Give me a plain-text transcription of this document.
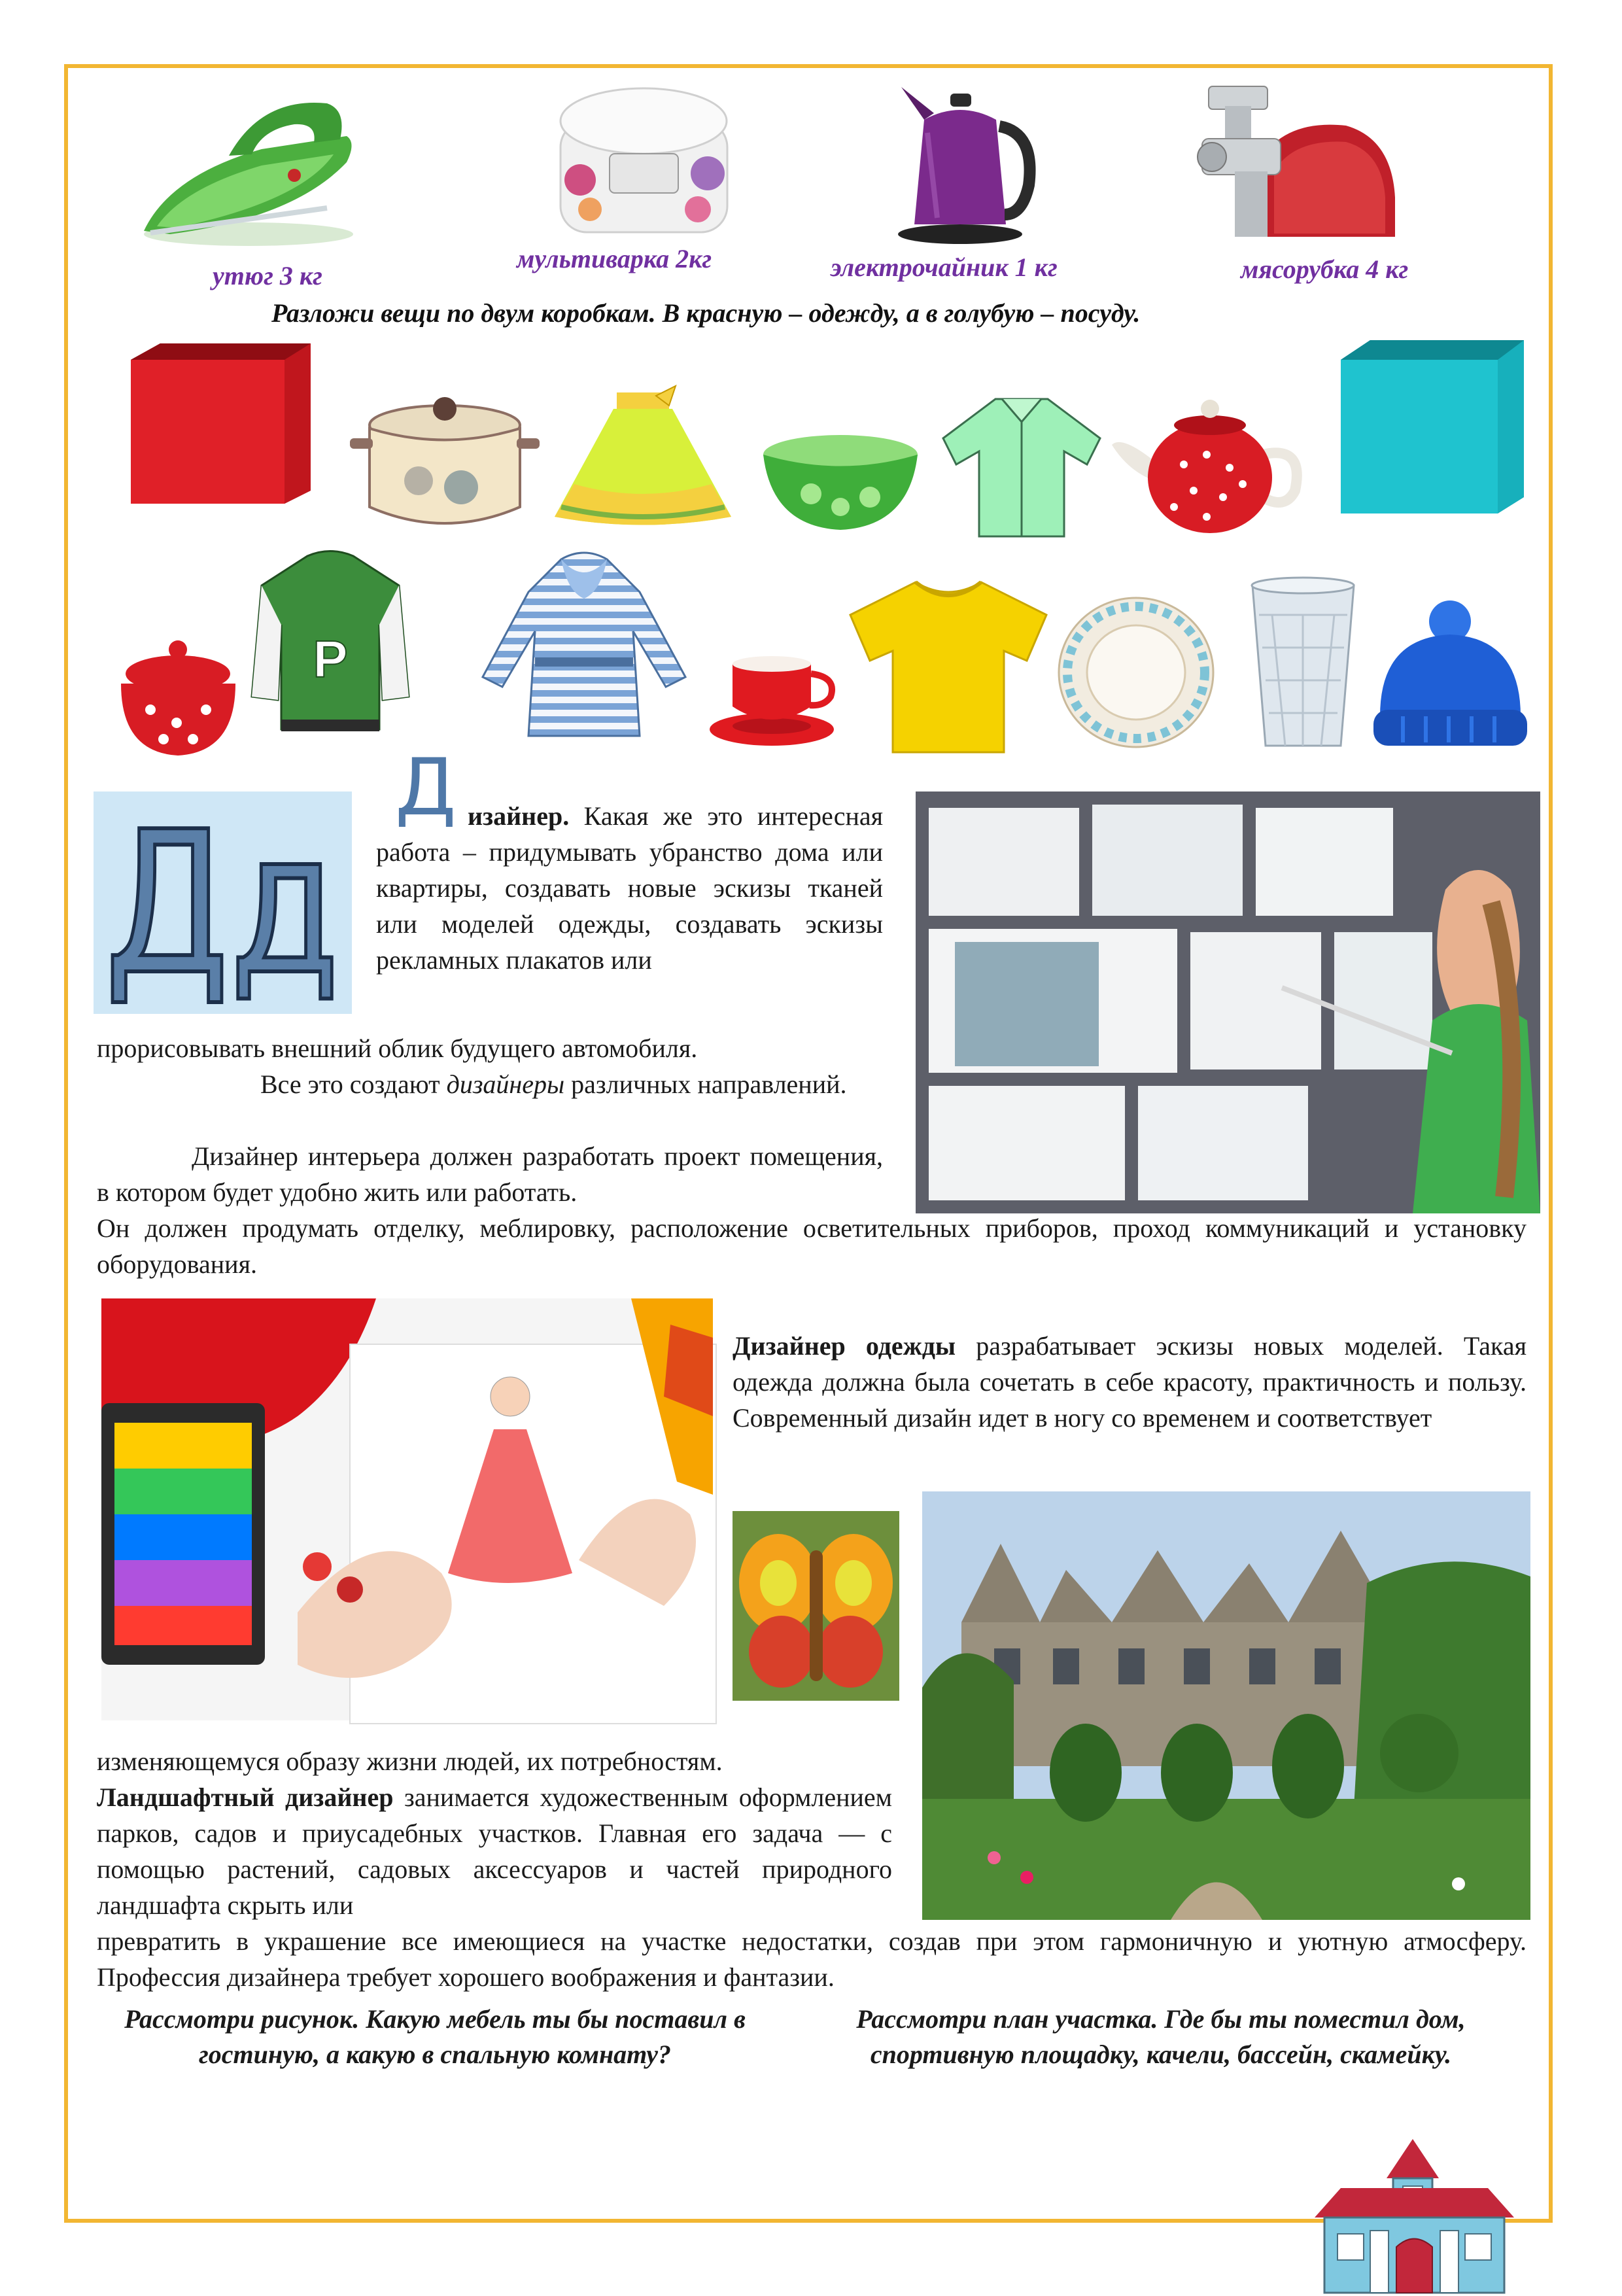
утюг 3 кг
мультиварка 2кг	электрочайник 1 кг	мясорубка 4 кг
Разложи вещи по двум коробкам. В красную – одежду, а в голубую – посуду.
P
Дд
Д изайнер. Какая же это интересная работа – придумывать убранство дома или квартиры, создавать новые эскизы тканей или моделей одежды, создавать эскизы рекламных плакатов или
прорисовывать внешний облик будущего автомобиля.
Все это создают дизайнеры различных направлений.
Дизайнер интерьера должен разработать проект помещения, в котором будет удобно жить или работать.
Он должен продумать отделку, меблировку, расположение осветительных приборов, проход коммуникаций и установку оборудования.
Дизайнер одежды разрабатывает эскизы новых моделей. Такая одежда должна была сочетать в себе красоту, практичность и пользу. Современный дизайн идет в ногу со временем и соответствует
изменяющемуся образу жизни людей, их потребностям.
Ландшафтный дизайнер занимается художественным оформлением парков, садов и приусадебных участков. Главная его задача — с помощью растений, садовых аксессуаров и частей природного ландшафта скрыть или
превратить в украшение все имеющиеся на участке недостатки, создав при этом гармоничную и уютную атмосферу. Профессия дизайнера требует хорошего воображения и фантазии.
Рассмотри рисунок. Какую мебель ты бы поставил в гостиную, а какую в спальную комнату?
Рассмотри план участка. Где бы ты поместил дом, спортивную площадку, качели, бассейн, скамейку.
